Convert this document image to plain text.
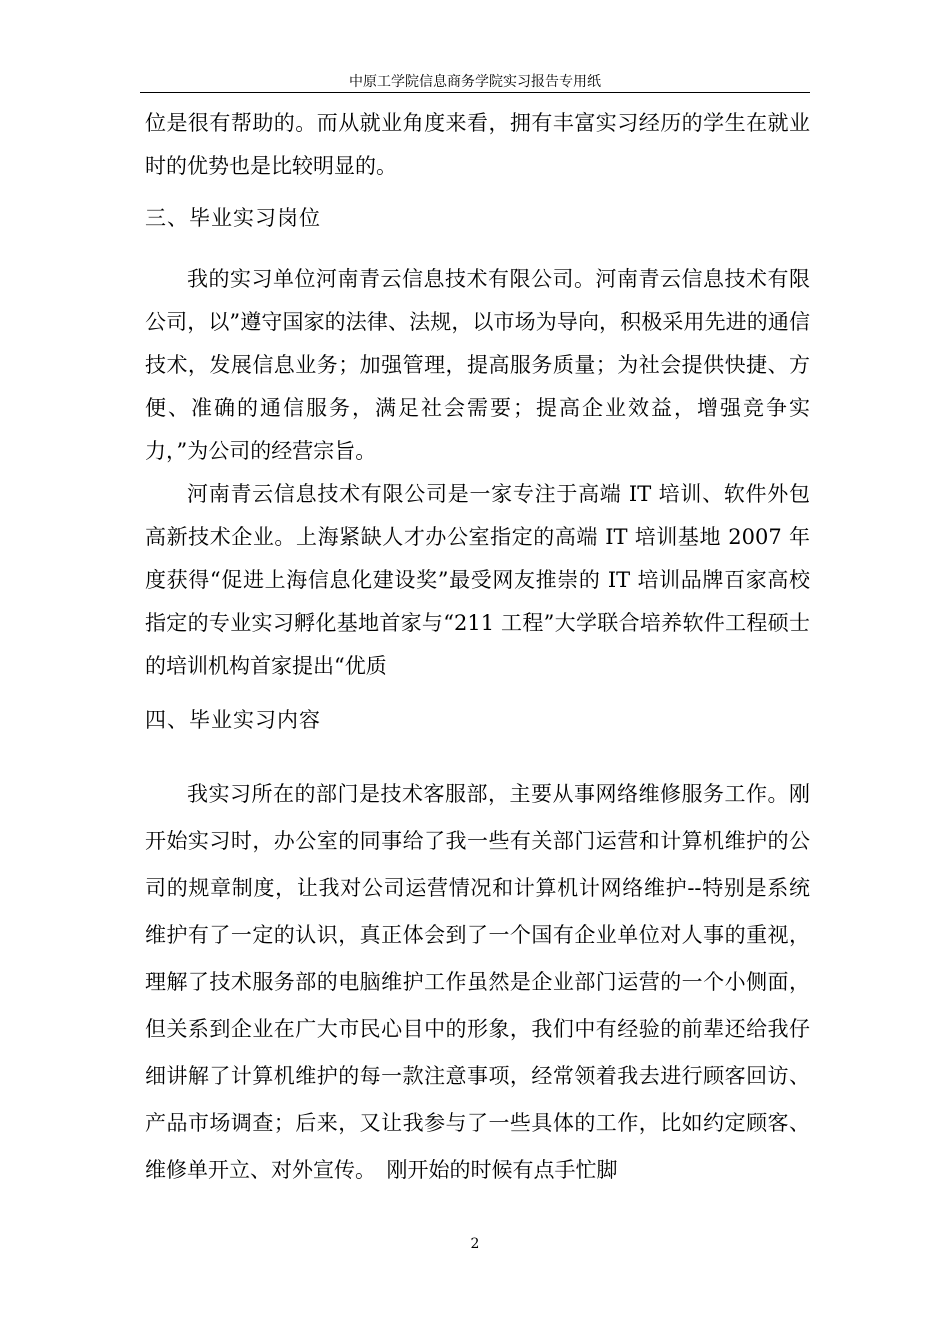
中原工学院信息商务学院实习报告专用纸

位是很有帮助的。而从就业角度来看，拥有丰富实习经历的学生在就业时的优势也是比较明显的。

三、毕业实习岗位

我的实习单位河南青云信息技术有限公司。河南青云信息技术有限公司，以”遵守国家的法律、法规，以市场为导向，积极采用先进的通信技术，发展信息业务；加强管理，提高服务质量；为社会提供快捷、方便、准确的通信服务，满足社会需要；提高企业效益，增强竞争实力，”为公司的经营宗旨。

河南青云信息技术有限公司是一家专注于高端 IT 培训、软件外包高新技术企业。上海紧缺人才办公室指定的高端 IT 培训基地 2007 年度获得“促进上海信息化建设奖”最受网友推崇的 IT 培训品牌百家高校指定的专业实习孵化基地首家与“211 工程”大学联合培养软件工程硕士的培训机构首家提出“优质

四、毕业实习内容

我实习所在的部门是技术客服部，主要从事网络维修服务工作。刚开始实习时，办公室的同事给了我一些有关部门运营和计算机维护的公司的规章制度，让我对公司运营情况和计算机计网络维护--特别是系统维护有了一定的认识，真正体会到了一个国有企业单位对人事的重视，理解了技术服务部的电脑维护工作虽然是企业部门运营的一个小侧面，但关系到企业在广大市民心目中的形象，我们中有经验的前辈还给我仔细讲解了计算机维护的每一款注意事项，经常领着我去进行顾客回访、产品市场调查；后来，又让我参与了一些具体的工作，比如约定顾客、维修单开立、对外宣传。　刚开始的时候有点手忙脚

2
